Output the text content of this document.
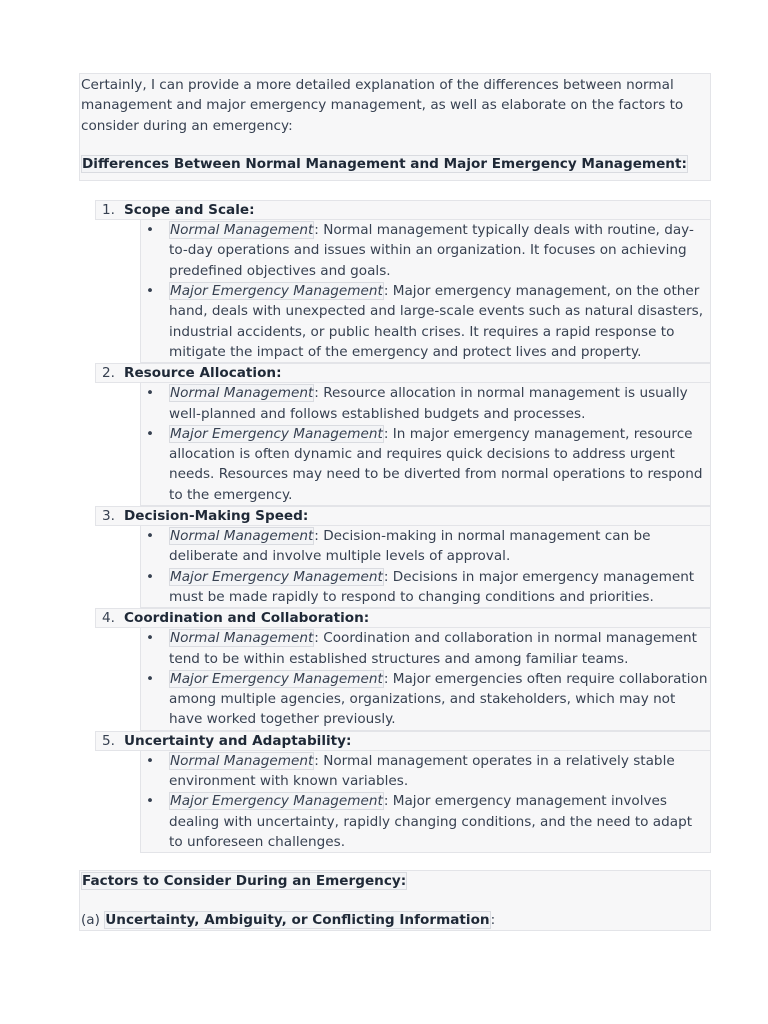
Certainly, I can provide a more detailed explanation of the differences between normal management and major emergency management, as well as elaborate on the factors to consider during an emergency:

Differences Between Normal Management and Major Emergency Management:

1. Scope and Scale:
• Normal Management: Normal management typically deals with routine, day-to-day operations and issues within an organization. It focuses on achieving predefined objectives and goals.
• Major Emergency Management: Major emergency management, on the other hand, deals with unexpected and large-scale events such as natural disasters, industrial accidents, or public health crises. It requires a rapid response to mitigate the impact of the emergency and protect lives and property.
2. Resource Allocation:
• Normal Management: Resource allocation in normal management is usually well-planned and follows established budgets and processes.
• Major Emergency Management: In major emergency management, resource allocation is often dynamic and requires quick decisions to address urgent needs. Resources may need to be diverted from normal operations to respond to the emergency.
3. Decision-Making Speed:
• Normal Management: Decision-making in normal management can be deliberate and involve multiple levels of approval.
• Major Emergency Management: Decisions in major emergency management must be made rapidly to respond to changing conditions and priorities.
4. Coordination and Collaboration:
• Normal Management: Coordination and collaboration in normal management tend to be within established structures and among familiar teams.
• Major Emergency Management: Major emergencies often require collaboration among multiple agencies, organizations, and stakeholders, which may not have worked together previously.
5. Uncertainty and Adaptability:
• Normal Management: Normal management operates in a relatively stable environment with known variables.
• Major Emergency Management: Major emergency management involves dealing with uncertainty, rapidly changing conditions, and the need to adapt to unforeseen challenges.

Factors to Consider During an Emergency:

(a) Uncertainty, Ambiguity, or Conflicting Information:
